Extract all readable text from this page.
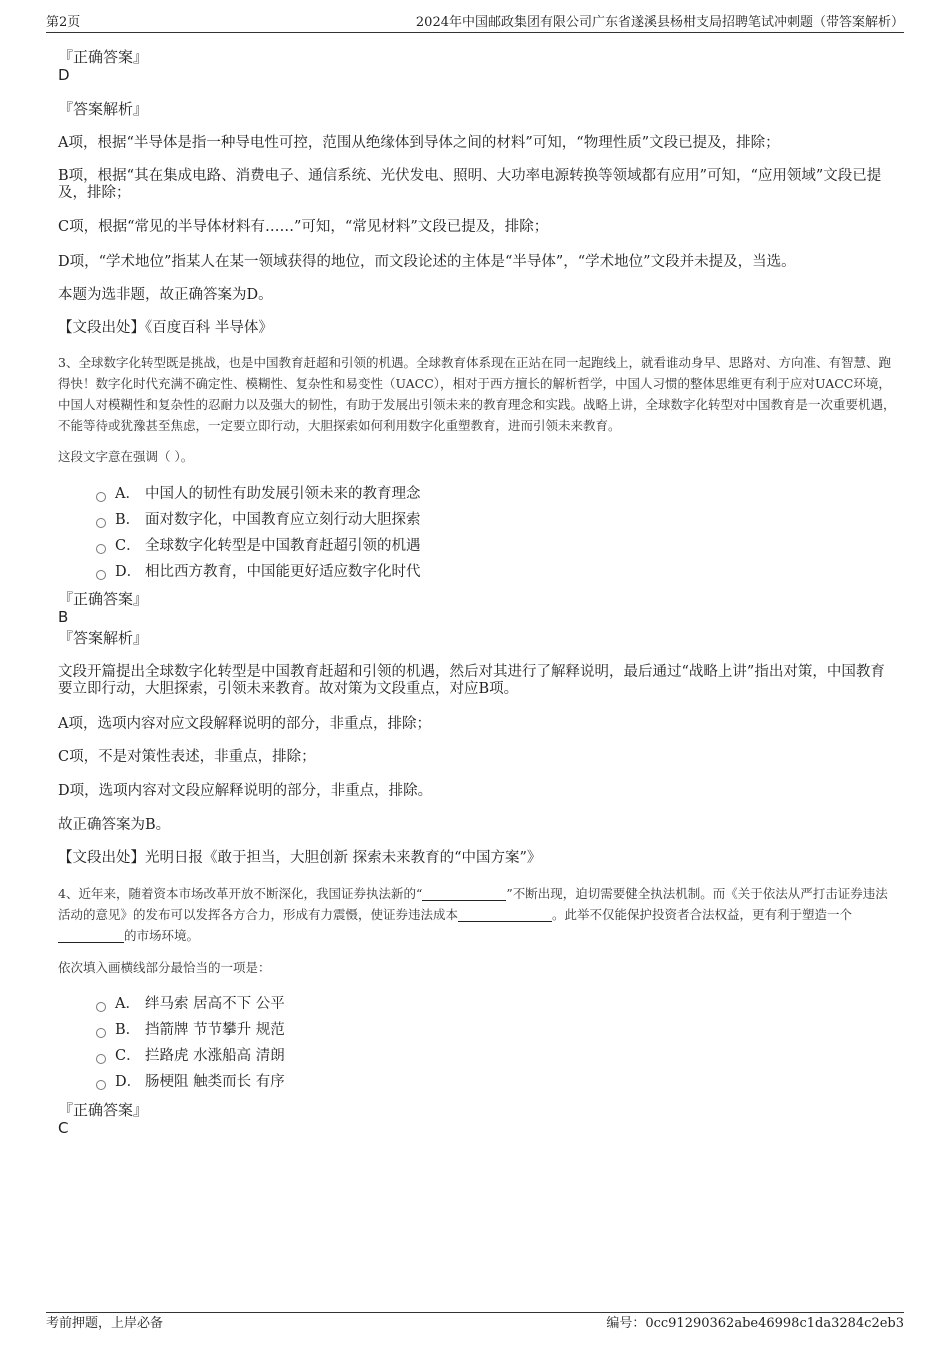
第2页	2024年中国邮政集团有限公司广东省遂溪县杨柑支局招聘笔试冲刺题（带答案解析）
『正确答案』
D
『答案解析』
A项，根据“半导体是指一种导电性可控，范围从绝缘体到导体之间的材料”可知，“物理性质”文段已提及，排除；
B项，根据“其在集成电路、消费电子、通信系统、光伏发电、照明、大功率电源转换等领域都有应用”可知，“应用领域”文段已提及，排除；
C项，根据“常见的半导体材料有……”可知，“常见材料”文段已提及，排除；
D项，“学术地位”指某人在某一领域获得的地位，而文段论述的主体是“半导体”，“学术地位”文段并未提及，当选。
本题为选非题，故正确答案为D。
【文段出处】《百度百科 半导体》
3、全球数字化转型既是挑战，也是中国教育赶超和引领的机遇。全球教育体系现在正站在同一起跑线上，就看谁动身早、思路对、方向准、有智慧、跑得快！数字化时代充满不确定性、模糊性、复杂性和易变性（UACC），相对于西方擅长的解析哲学，中国人习惯的整体思维更有利于应对UACC环境，中国人对模糊性和复杂性的忍耐力以及强大的韧性，有助于发展出引领未来的教育理念和实践。战略上讲，全球数字化转型对中国教育是一次重要机遇，不能等待或犹豫甚至焦虑，一定要立即行动，大胆探索如何利用数字化重塑教育，进而引领未来教育。
这段文字意在强调（ ）。
A． 中国人的韧性有助发展引领未来的教育理念
B． 面对数字化，中国教育应立刻行动大胆探索
C． 全球数字化转型是中国教育赶超引领的机遇
D． 相比西方教育，中国能更好适应数字化时代
『正确答案』
B
『答案解析』
文段开篇提出全球数字化转型是中国教育赶超和引领的机遇，然后对其进行了解释说明，最后通过“战略上讲”指出对策，中国教育要立即行动，大胆探索，引领未来教育。故对策为文段重点，对应B项。
A项，选项内容对应文段解释说明的部分，非重点，排除；
C项，不是对策性表述，非重点，排除；
D项，选项内容对文段应解释说明的部分，非重点，排除。
故正确答案为B。
【文段出处】光明日报《敢于担当，大胆创新 探索未来教育的“中国方案”》
4、近年来，随着资本市场改革开放不断深化，我国证券执法新的“	”不断出现，迫切需要健全执法机制。而《关于依法从严打击证券违法活动的意见》的发布可以发挥各方合力，形成有力震慑，使证券违法成本	。此举不仅能保护投资者合法权益，更有利于塑造一个的市场环境。
依次填入画横线部分最恰当的一项是：
A． 绊马索 居高不下 公平
B． 挡箭牌 节节攀升 规范
C． 拦路虎 水涨船高 清朗
D． 肠梗阻 触类而长 有序
『正确答案』
C
考前押题，上岸必备	编号：0cc91290362abe46998c1da3284c2eb3
